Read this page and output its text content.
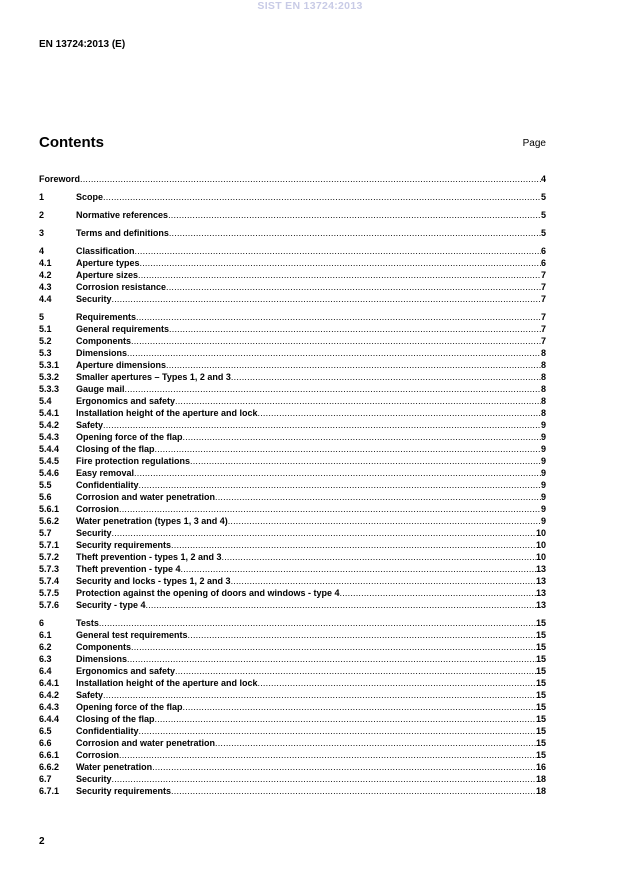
SIST EN 13724:2013
EN 13724:2013 (E)
Contents	Page
Foreword .....	4
1	Scope .....	5
2	Normative references .....	5
3	Terms and definitions .....	5
4	Classification .....	6
4.1	Aperture types .....	6
4.2	Aperture sizes .....	7
4.3	Corrosion resistance .....	7
4.4	Security .....	7
5	Requirements .....	7
5.1	General requirements .....	7
5.2	Components .....	7
5.3	Dimensions .....	8
5.3.1	Aperture dimensions .....	8
5.3.2	Smaller apertures – Types 1, 2 and 3 .....	8
5.3.3	Gauge mail .....	8
5.4	Ergonomics and safety .....	8
5.4.1	Installation height of the aperture and lock .....	8
5.4.2	Safety .....	9
5.4.3	Opening force of the flap .....	9
5.4.4	Closing of the flap .....	9
5.4.5	Fire protection regulations .....	9
5.4.6	Easy removal .....	9
5.5	Confidentiality .....	9
5.6	Corrosion and water penetration .....	9
5.6.1	Corrosion .....	9
5.6.2	Water penetration (types 1, 3 and 4) .....	9
5.7	Security .....	10
5.7.1	Security requirements .....	10
5.7.2	Theft prevention - types 1, 2 and 3 .....	10
5.7.3	Theft prevention - type 4 .....	13
5.7.4	Security and locks - types 1, 2 and 3 .....	13
5.7.5	Protection against the opening of doors and windows - type 4 .....	13
5.7.6	Security - type 4 .....	13
6	Tests .....	15
6.1	General test requirements .....	15
6.2	Components .....	15
6.3	Dimensions .....	15
6.4	Ergonomics and safety .....	15
6.4.1	Installation height of the aperture and lock .....	15
6.4.2	Safety .....	15
6.4.3	Opening force of the flap .....	15
6.4.4	Closing of the flap .....	15
6.5	Confidentiality .....	15
6.6	Corrosion and water penetration .....	15
6.6.1	Corrosion .....	15
6.6.2	Water penetration .....	16
6.7	Security .....	18
6.7.1	Security requirements .....	18
2
